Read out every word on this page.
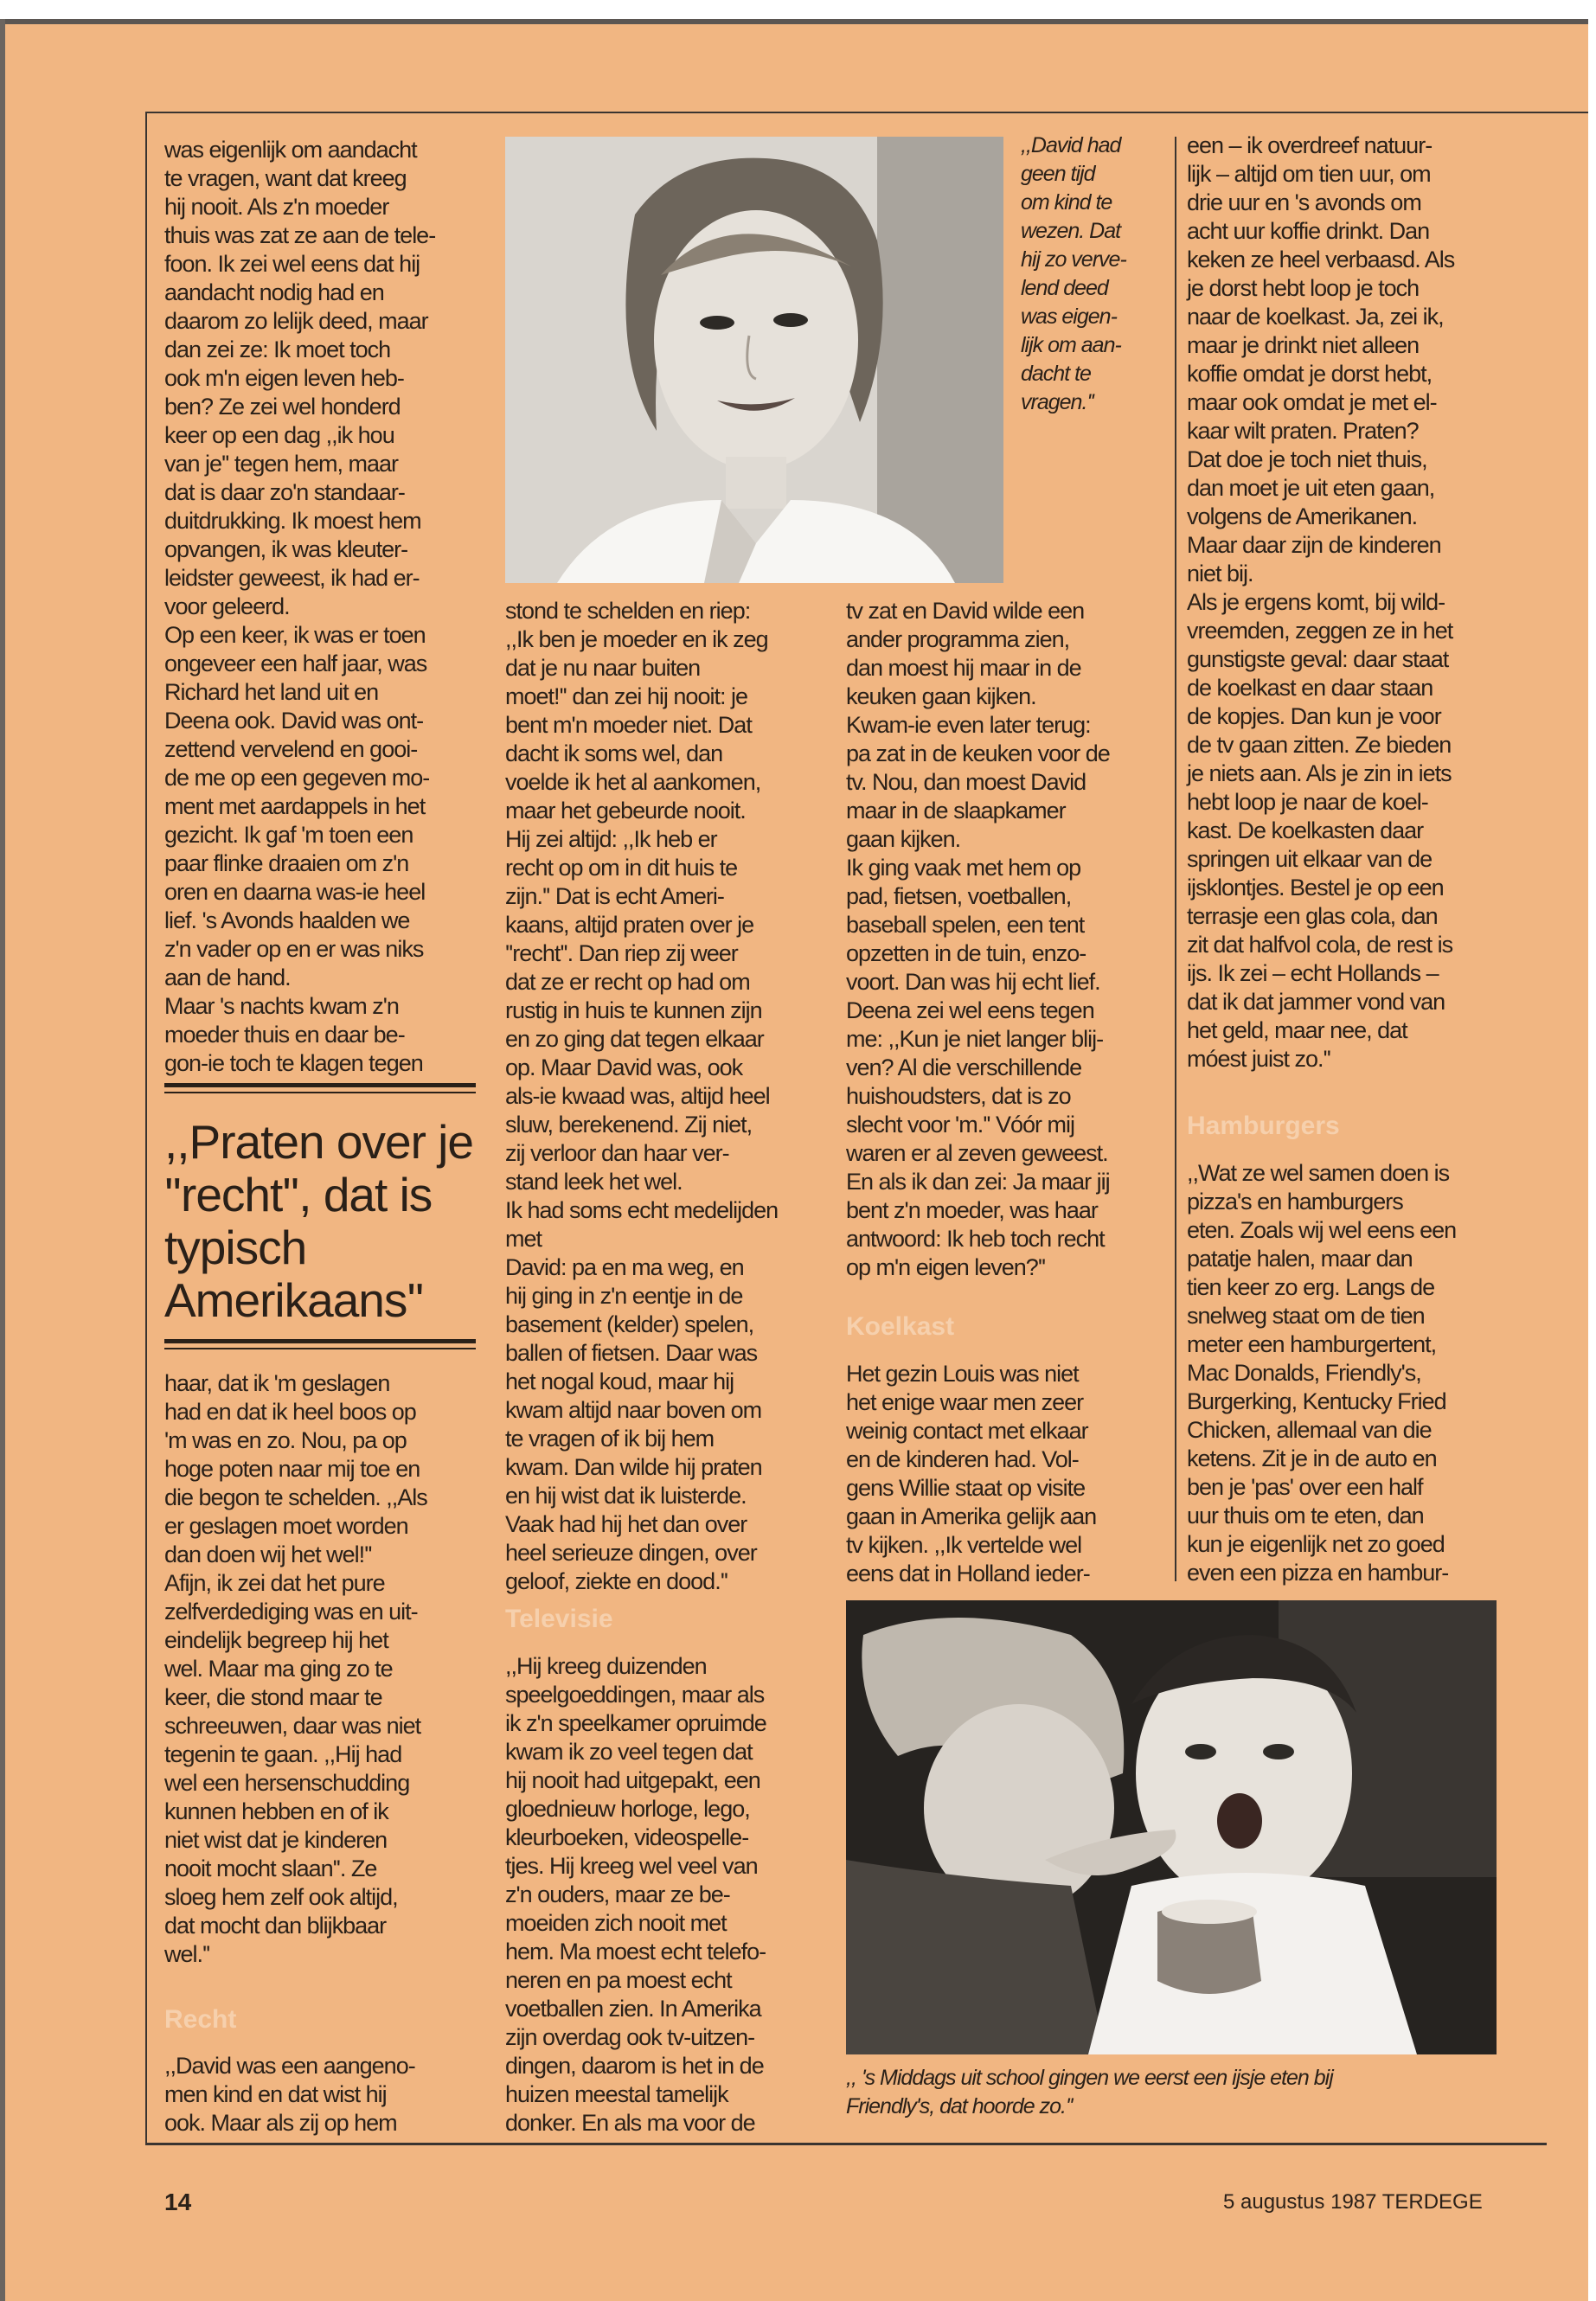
was eigenlijk om aandacht
te vragen, want dat kreeg
hij nooit. Als z'n moeder
thuis was zat ze aan de tele-
foon. Ik zei wel eens dat hij
aandacht nodig had en
daarom zo lelijk deed, maar
dan zei ze: Ik moet toch
ook m'n eigen leven heb-
ben? Ze zei wel honderd
keer op een dag ,,ik hou
van je'' tegen hem, maar
dat is daar zo'n standaar-
duitdrukking. Ik moest hem
opvangen, ik was kleuter-
leidster geweest, ik had er-
voor geleerd.
Op een keer, ik was er toen
ongeveer een half jaar, was
Richard het land uit en
Deena ook. David was ont-
zettend vervelend en gooi-
de me op een gegeven mo-
ment met aardappels in het
gezicht. Ik gaf 'm toen een
paar flinke draaien om z'n
oren en daarna was-ie heel
lief. 's Avonds haalden we
z'n vader op en er was niks
aan de hand.
Maar 's nachts kwam z'n
moeder thuis en daar be-
gon-ie toch te klagen tegen

,,Praten over je
''recht'', dat is
typisch
Amerikaans''

haar, dat ik 'm geslagen
had en dat ik heel boos op
'm was en zo. Nou, pa op
hoge poten naar mij toe en
die begon te schelden. ,,Als
er geslagen moet worden
dan doen wij het wel!''
Afijn, ik zei dat het pure
zelfverdediging was en uit-
eindelijk begreep hij het
wel. Maar ma ging zo te
keer, die stond maar te
schreeuwen, daar was niet
tegenin te gaan. ,,Hij had
wel een hersenschudding
kunnen hebben en of ik
niet wist dat je kinderen
nooit mocht slaan''. Ze
sloeg hem zelf ook altijd,
dat mocht dan blijkbaar
wel.''

Recht

,,David was een aangeno-
men kind en dat wist hij
ook. Maar als zij op hem

,,David had
geen tijd
om kind te
wezen. Dat
hij zo verve-
lend deed
was eigen-
lijk om aan-
dacht te
vragen.''

stond te schelden en riep:
,,Ik ben je moeder en ik zeg
dat je nu naar buiten
moet!'' dan zei hij nooit: je
bent m'n moeder niet. Dat
dacht ik soms wel, dan
voelde ik het al aankomen,
maar het gebeurde nooit.
Hij zei altijd: ,,Ik heb er
recht op om in dit huis te
zijn.'' Dat is echt Ameri-
kaans, altijd praten over je
''recht''. Dan riep zij weer
dat ze er recht op had om
rustig in huis te kunnen zijn
en zo ging dat tegen elkaar
op. Maar David was, ook
als-ie kwaad was, altijd heel
sluw, berekenend. Zij niet,
zij verloor dan haar ver-
stand leek het wel.
Ik had soms echt medelijden met
David: pa en ma weg, en
hij ging in z'n eentje in de
basement (kelder) spelen,
ballen of fietsen. Daar was
het nogal koud, maar hij
kwam altijd naar boven om
te vragen of ik bij hem
kwam. Dan wilde hij praten
en hij wist dat ik luisterde.
Vaak had hij het dan over
heel serieuze dingen, over
geloof, ziekte en dood.''

Televisie

,,Hij kreeg duizenden
speelgoeddingen, maar als
ik z'n speelkamer opruimde
kwam ik zo veel tegen dat
hij nooit had uitgepakt, een
gloednieuw horloge, lego,
kleurboeken, videospelle-
tjes. Hij kreeg wel veel van
z'n ouders, maar ze be-
moeiden zich nooit met
hem. Ma moest echt telefo-
neren en pa moest echt
voetballen zien. In Amerika
zijn overdag ook tv-uitzen-
dingen, daarom is het in de
huizen meestal tamelijk
donker. En als ma voor de

tv zat en David wilde een
ander programma zien,
dan moest hij maar in de
keuken gaan kijken.
Kwam-ie even later terug:
pa zat in de keuken voor de
tv. Nou, dan moest David
maar in de slaapkamer
gaan kijken.
Ik ging vaak met hem op
pad, fietsen, voetballen,
baseball spelen, een tent
opzetten in de tuin, enzo-
voort. Dan was hij echt lief.
Deena zei wel eens tegen
me: ,,Kun je niet langer blij-
ven? Al die verschillende
huishoudsters, dat is zo
slecht voor 'm.'' Vóór mij
waren er al zeven geweest.
En als ik dan zei: Ja maar jij
bent z'n moeder, was haar
antwoord: Ik heb toch recht
op m'n eigen leven?''

Koelkast

Het gezin Louis was niet
het enige waar men zeer
weinig contact met elkaar
en de kinderen had. Vol-
gens Willie staat op visite
gaan in Amerika gelijk aan
tv kijken. ,,Ik vertelde wel
eens dat in Holland ieder-

een – ik overdreef natuur-
lijk – altijd om tien uur, om
drie uur en 's avonds om
acht uur koffie drinkt. Dan
keken ze heel verbaasd. Als
je dorst hebt loop je toch
naar de koelkast. Ja, zei ik,
maar je drinkt niet alleen
koffie omdat je dorst hebt,
maar ook omdat je met el-
kaar wilt praten. Praten?
Dat doe je toch niet thuis,
dan moet je uit eten gaan,
volgens de Amerikanen.
Maar daar zijn de kinderen
niet bij.
Als je ergens komt, bij wild-
vreemden, zeggen ze in het
gunstigste geval: daar staat
de koelkast en daar staan
de kopjes. Dan kun je voor
de tv gaan zitten. Ze bieden
je niets aan. Als je zin in iets
hebt loop je naar de koel-
kast. De koelkasten daar
springen uit elkaar van de
ijsklontjes. Bestel je op een
terrasje een glas cola, dan
zit dat halfvol cola, de rest is
ijs. Ik zei – echt Hollands –
dat ik dat jammer vond van
het geld, maar nee, dat
móest juist zo.''

Hamburgers

,,Wat ze wel samen doen is
pizza's en hamburgers
eten. Zoals wij wel eens een
patatje halen, maar dan
tien keer zo erg. Langs de
snelweg staat om de tien
meter een hamburgertent,
Mac Donalds, Friendly's,
Burgerking, Kentucky Fried
Chicken, allemaal van die
ketens. Zit je in de auto en
ben je 'pas' over een half
uur thuis om te eten, dan
kun je eigenlijk net zo goed
even een pizza en hambur-

,, 's Middags uit school gingen we eerst een ijsje eten bij
Friendly's, dat hoorde zo.''

14	5 augustus 1987 TERDEGE
